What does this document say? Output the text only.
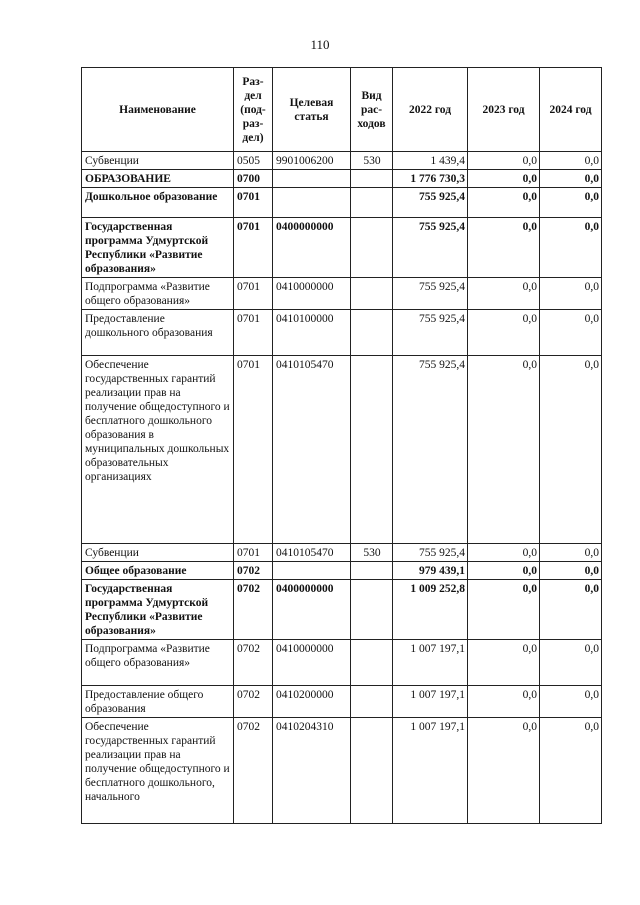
110
Наименование	Раз-дел (под-раз-дел)	Целевая статья	Вид рас-ходов	2022 год	2023 год	2024 год
Субвенции	0505	9901006200	530	1 439,4	0,0	0,0
ОБРАЗОВАНИЕ	0700			1 776 730,3	0,0	0,0
Дошкольное образование	0701			755 925,4	0,0	0,0
Государственная программа Удмуртской Республики «Развитие образования»	0701	0400000000		755 925,4	0,0	0,0
Подпрограмма «Развитие общего образования»	0701	0410000000		755 925,4	0,0	0,0
Предоставление дошкольного образования	0701	0410100000		755 925,4	0,0	0,0
Обеспечение государственных гарантий реализации прав на получение общедоступного и бесплатного дошкольного образования в муниципальных дошкольных образовательных организациях	0701	0410105470		755 925,4	0,0	0,0
Субвенции	0701	0410105470	530	755 925,4	0,0	0,0
Общее образование	0702			979 439,1	0,0	0,0
Государственная программа Удмуртской Республики «Развитие образования»	0702	0400000000		1 009 252,8	0,0	0,0
Подпрограмма «Развитие общего образования»	0702	0410000000		1 007 197,1	0,0	0,0
Предоставление общего образования	0702	0410200000		1 007 197,1	0,0	0,0
Обеспечение государственных гарантий реализации прав на получение общедоступного и бесплатного дошкольного, начального	0702	0410204310		1 007 197,1	0,0	0,0
